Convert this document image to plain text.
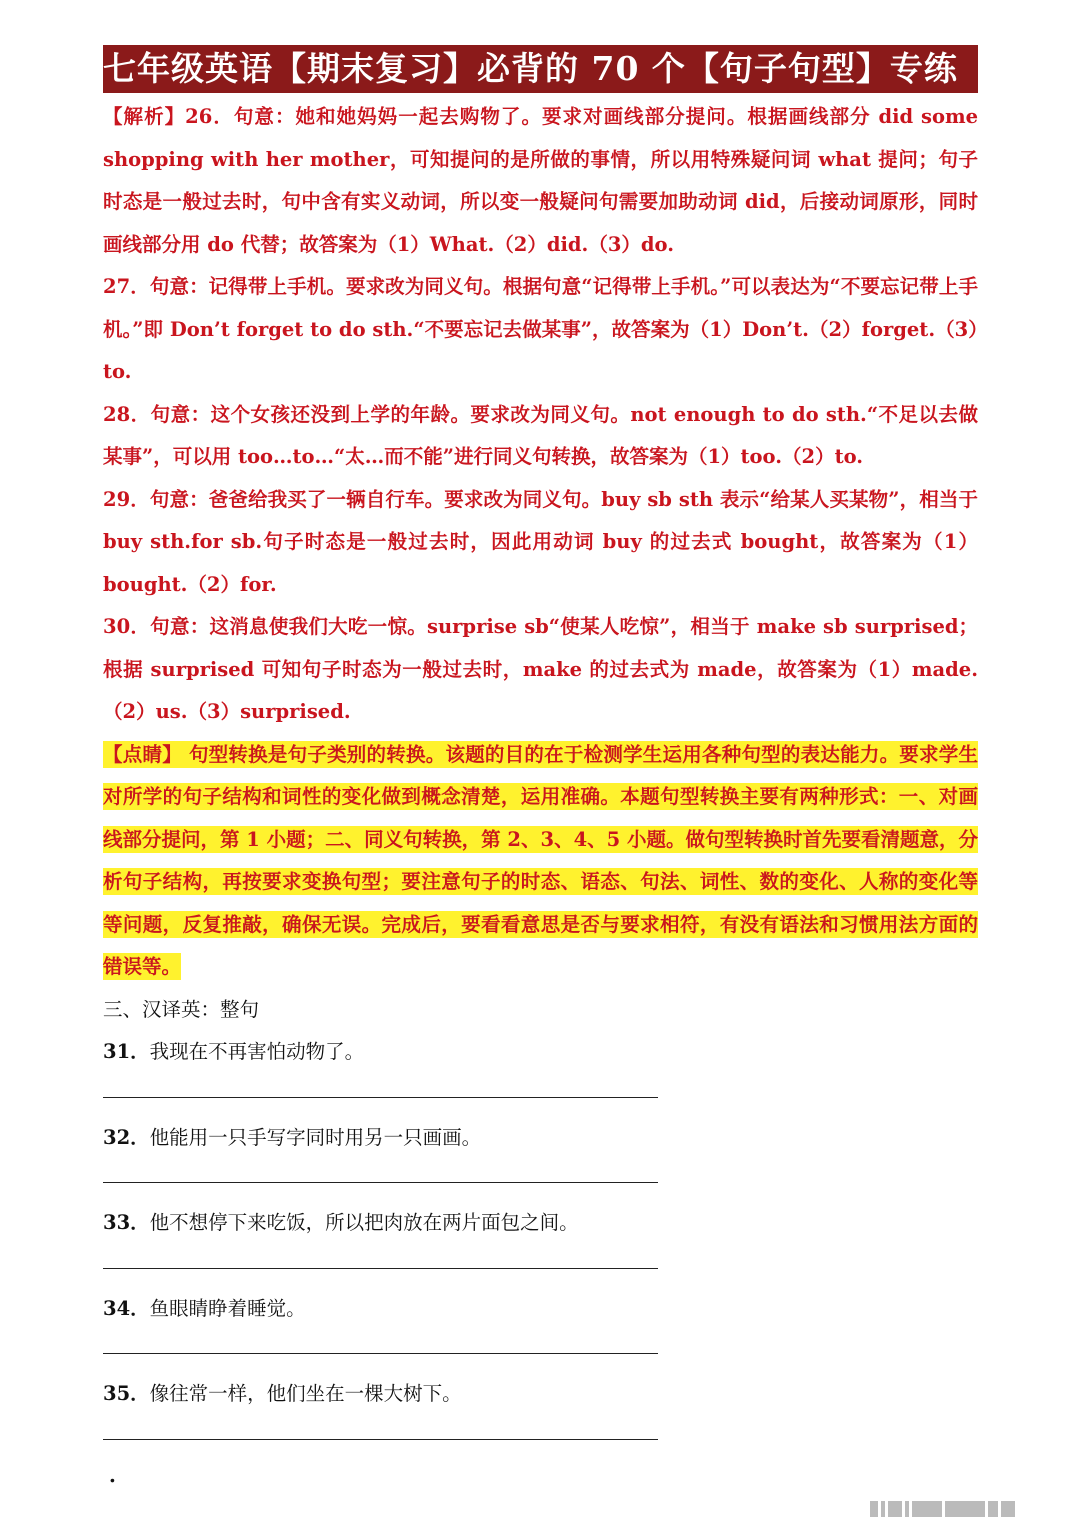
七年级英语【期末复习】必背的 70 个【句子句型】专练

【解析】26．句意：她和她妈妈一起去购物了。要求对画线部分提问。根据画线部分 did some shopping with her mother，可知提问的是所做的事情，所以用特殊疑问词 what 提问；句子时态是一般过去时，句中含有实义动词，所以变一般疑问句需要加助动词 did，后接动词原形，同时画线部分用 do 代替；故答案为（1）What.（2）did.（3）do.

27．句意：记得带上手机。要求改为同义句。根据句意“记得带上手机。”可以表达为“不要忘记带上手机。”即 Don’t forget to do sth.“不要忘记去做某事”，故答案为（1）Don’t.（2）forget.（3）to.

28．句意：这个女孩还没到上学的年龄。要求改为同义句。not enough to do sth.“不足以去做某事”，可以用 too…to…“太…而不能”进行同义句转换，故答案为（1）too.（2）to.

29．句意：爸爸给我买了一辆自行车。要求改为同义句。buy sb sth 表示“给某人买某物”，相当于 buy sth.for sb.句子时态是一般过去时，因此用动词 buy 的过去式 bought，故答案为（1）bought.（2）for.

30．句意：这消息使我们大吃一惊。surprise sb“使某人吃惊”，相当于 make sb surprised；根据 surprised 可知句子时态为一般过去时，make 的过去式为 made，故答案为（1）made.（2）us.（3）surprised.

【点睛】 句型转换是句子类别的转换。该题的目的在于检测学生运用各种句型的表达能力。要求学生对所学的句子结构和词性的变化做到概念清楚，运用准确。本题句型转换主要有两种形式：一、对画线部分提问，第 1 小题；二、同义句转换，第 2、3、4、5 小题。做句型转换时首先要看清题意，分析句子结构，再按要求变换句型；要注意句子的时态、语态、句法、词性、数的变化、人称的变化等等问题，反复推敲，确保无误。完成后，要看看意思是否与要求相符，有没有语法和习惯用法方面的错误等。

三、汉译英：整句

31．我现在不再害怕动物了。

32．他能用一只手写字同时用另一只画画。

33．他不想停下来吃饭，所以把肉放在两片面包之间。

34．鱼眼睛睁着睡觉。

35．像往常一样，他们坐在一棵大树下。

．
